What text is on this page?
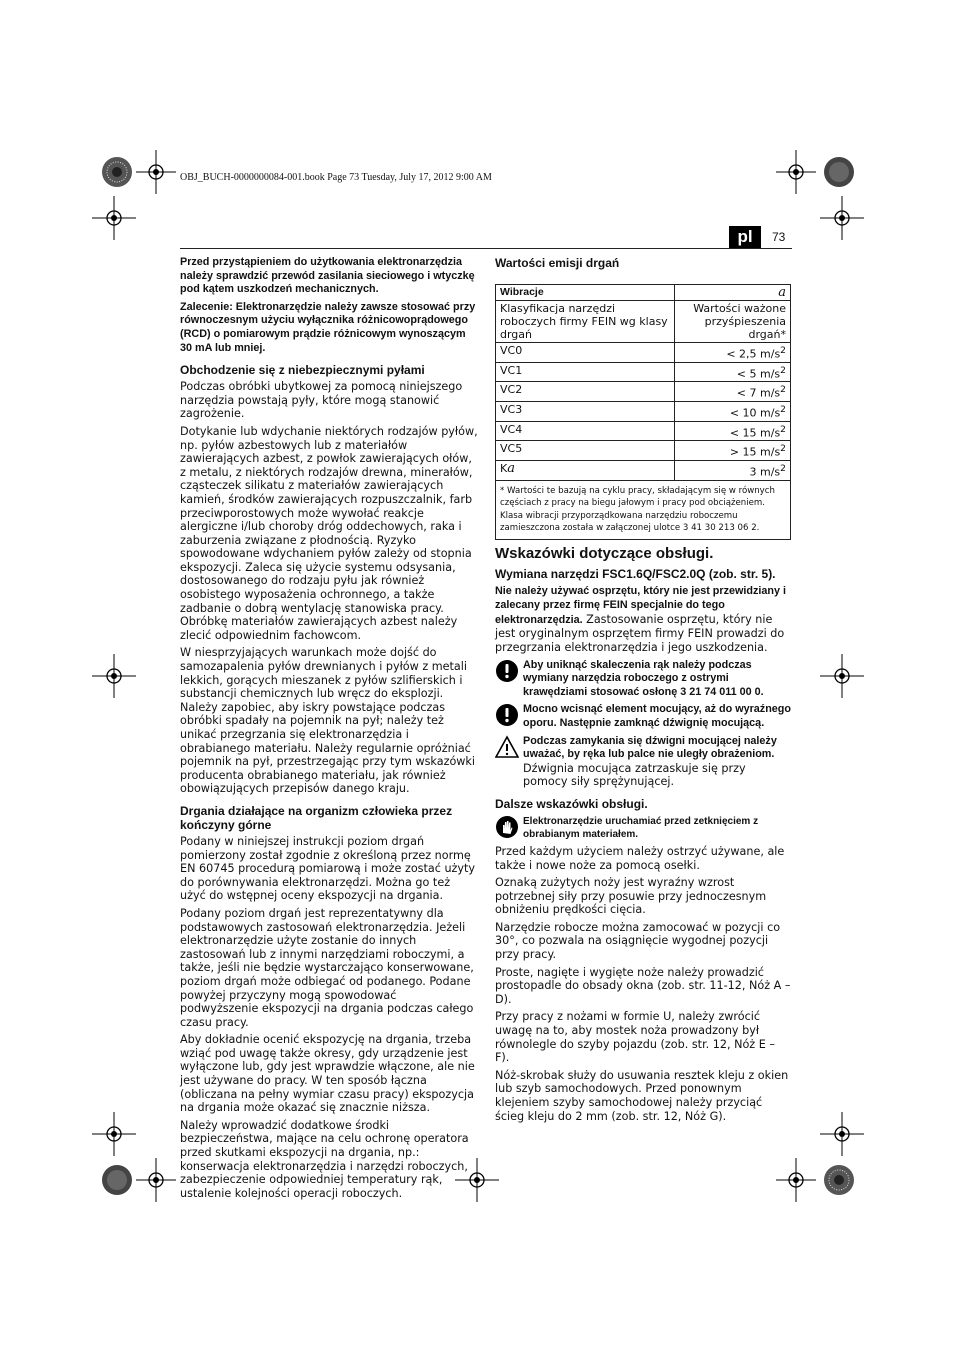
OBJ_BUCH-0000000084-001.book Page 73 Tuesday, July 17, 2012 9:00 AM
pl	73

Przed przystąpieniem do użytkowania elektronarzędzia należy sprawdzić przewód zasilania sieciowego i wtyczkę pod kątem uszkodzeń mechanicznych.

Zalecenie: Elektronarzędzie należy zawsze stosować przy równoczesnym użyciu wyłącznika różnicowoprądowego (RCD) o pomiarowym prądzie różnicowym wynoszącym 30 mA lub mniej.

Obchodzenie się z niebezpiecznymi pyłami

Podczas obróbki ubytkowej za pomocą niniejszego narzędzia powstają pyły, które mogą stanowić zagrożenie.

Dotykanie lub wdychanie niektórych rodzajów pyłów, np. pyłów azbestowych lub z materiałów zawierających azbest, z powłok zawierających ołów, z metalu, z niektórych rodzajów drewna, minerałów, cząsteczek silikatu z materiałów zawierających kamień, środków zawierających rozpuszczalnik, farb przeciwporostowych może wywołać reakcje alergiczne i/lub choroby dróg oddechowych, raka i zaburzenia związane z płodnością. Ryzyko spowodowane wdychaniem pyłów zależy od stopnia ekspozycji. Zaleca się użycie systemu odsysania, dostosowanego do rodzaju pyłu jak również osobistego wyposażenia ochronnego, a także zadbanie o dobrą wentylację stanowiska pracy. Obróbkę materiałów zawierających azbest należy zlecić odpowiednim fachowcom.

W niesprzyjających warunkach może dojść do samozapalenia pyłów drewnianych i pyłów z metali lekkich, gorących mieszanek z pyłów szlifierskich i substancji chemicznych lub wręcz do eksplozji. Należy zapobiec, aby iskry powstające podczas obróbki spadały na pojemnik na pył; należy też unikać przegrzania się elektronarzędzia i obrabianego materiału. Należy regularnie opróżniać pojemnik na pył, przestrzegając przy tym wskazówki producenta obrabianego materiału, jak również obowiązujących przepisów danego kraju.

Drgania działające na organizm człowieka przez kończyny górne

Podany w niniejszej instrukcji poziom drgań pomierzony został zgodnie z określoną przez normę EN 60745 procedurą pomiarową i może zostać użyty do porównywania elektronarzędzi. Można go też użyć do wstępnej oceny ekspozycji na drgania.

Podany poziom drgań jest reprezentatywny dla podstawowych zastosowań elektronarzędzia. Jeżeli elektronarzędzie użyte zostanie do innych zastosowań lub z innymi narzędziami roboczymi, a także, jeśli nie będzie wystarczająco konserwowane, poziom drgań może odbiegać od podanego. Podane powyżej przyczyny mogą spowodować podwyższenie ekspozycji na drgania podczas całego czasu pracy.

Aby dokładnie ocenić ekspozycję na drgania, trzeba wziąć pod uwagę także okresy, gdy urządzenie jest wyłączone lub, gdy jest wprawdzie włączone, ale nie jest używane do pracy. W ten sposób łączna (obliczana na pełny wymiar czasu pracy) ekspozycja na drgania może okazać się znacznie niższa.

Należy wprowadzić dodatkowe środki bezpieczeństwa, mające na celu ochronę operatora przed skutkami ekspozycji na drgania, np.: konserwacja elektronarzędzia i narzędzi roboczych, zabezpieczenie odpowiedniej temperatury rąk, ustalenie kolejności operacji roboczych.

Wartości emisji drgań
Wibracje	a
Klasyfikacja narzędzi roboczych firmy FEIN wg klasy drgań	Wartości ważone przyśpieszenia drgań*
VC0	< 2,5 $m/s^2$
VC1	< 5 $m/s^2$
VC2	< 7 $m/s^2$
VC3	< 10 $m/s^2$
VC4	< 15 $m/s^2$
VC5	> 15 $m/s^2$
Ka	3 $m/s^2$

* Wartości te bazują na cyklu pracy, składającym się w równych częściach z pracy na biegu jałowym i pracy pod obciążeniem.
Klasa wibracji przyporządkowana narzędziu roboczemu zamieszczona została w załączonej ulotce 3 41 30 213 06 2.	
Wskazówki dotyczące obsługi.
Wymiana narzędzi FSC1.6Q/FSC2.0Q (zob. str. 5).

Nie należy używać osprzętu, który nie jest przewidziany i zalecany przez firmę FEIN specjalnie do tego elektronarzędzia. Zastosowanie osprzętu, który nie jest oryginalnym osprzętem firmy FEIN prowadzi do przegrzania elektronarzędzia i jego uszkodzenia.

Aby uniknąć skaleczenia rąk należy podczas wymiany narzędzia roboczego z ostrymi krawędziami stosować osłonę 3 21 74 011 00 0.
Mocno wcisnąć element mocujący, aż do wyraźnego oporu. Następnie zamknąć dźwignię mocującą.
Podczas zamykania się dźwigni mocującej należy uważać, by ręka lub palce nie uległy obrażeniom.
Dźwignia mocująca zatrzaskuje się przy pomocy siły sprężynującej.
Dalsze wskazówki obsługi.
Elektronarzędzie uruchamiać przed zetknięciem z obrabianym materiałem.

Przed każdym użyciem należy ostrzyć używane, ale także i nowe noże za pomocą osełki.

Oznaką zużytych noży jest wyraźny wzrost potrzebnej siły przy posuwie przy jednoczesnym obniżeniu prędkości cięcia.

Narzędzie robocze można zamocować w pozycji co 30°, co pozwala na osiągnięcie wygodnej pozycji przy pracy.

Proste, nagięte i wygięte noże należy prowadzić prostopadle do obsady okna (zob. str. 11-12, Nóż A – D).

Przy pracy z nożami w formie U, należy zwrócić uwagę na to, aby mostek noża prowadzony był równolegle do szyby pojazdu (zob. str. 12, Nóż E – F).

Nóż-skrobak służy do usuwania resztek kleju z okien lub szyb samochodowych. Przed ponownym klejeniem szyby samochodowej należy przyciąć ścieg kleju do 2 mm (zob. str. 12, Nóż G).
